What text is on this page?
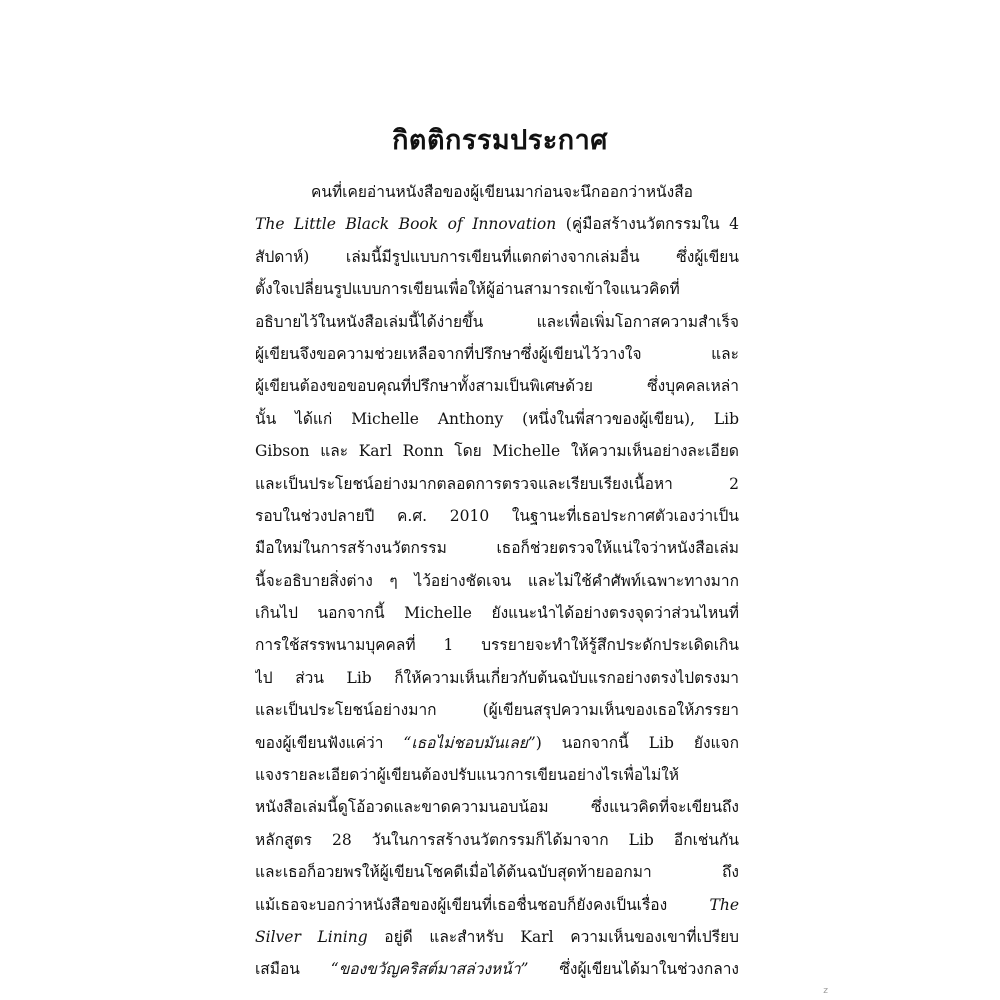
กิตติกรรมประกาศ
คนที่เคยอ่านหนังสือของผู้เขียนมาก่อนจะนึกออกว่าหนังสือ
The Little Black Book of Innovation (คู่มือสร้างนวัตกรรมใน 4
สัปดาห์) เล่มนี้มีรูปแบบการเขียนที่แตกต่างจากเล่มอื่น ซึ่งผู้เขียน
ตั้งใจเปลี่ยนรูปแบบการเขียนเพื่อให้ผู้อ่านสามารถเข้าใจแนวคิดที่
อธิบายไว้ในหนังสือเล่มนี้ได้ง่ายขึ้น และเพื่อเพิ่มโอกาสความสำเร็จ
ผู้เขียนจึงขอความช่วยเหลือจากที่ปรึกษาซึ่งผู้เขียนไว้วางใจ และ
ผู้เขียนต้องขอขอบคุณที่ปรึกษาทั้งสามเป็นพิเศษด้วย ซึ่งบุคคลเหล่า
นั้น ได้แก่ Michelle Anthony (หนึ่งในพี่สาวของผู้เขียน), Lib
Gibson และ Karl Ronn โดย Michelle ให้ความเห็นอย่างละเอียด
และเป็นประโยชน์อย่างมากตลอดการตรวจและเรียบเรียงเนื้อหา 2
รอบในช่วงปลายปี ค.ศ. 2010 ในฐานะที่เธอประกาศตัวเองว่าเป็น
มือใหม่ในการสร้างนวัตกรรม เธอก็ช่วยตรวจให้แน่ใจว่าหนังสือเล่ม
นี้จะอธิบายสิ่งต่าง ๆ ไว้อย่างชัดเจน และไม่ใช้คำศัพท์เฉพาะทางมาก
เกินไป นอกจากนี้ Michelle ยังแนะนำได้อย่างตรงจุดว่าส่วนไหนที่
การใช้สรรพนามบุคคลที่ 1 บรรยายจะทำให้รู้สึกประดักประเดิดเกิน
ไป ส่วน Lib ก็ให้ความเห็นเกี่ยวกับต้นฉบับแรกอย่างตรงไปตรงมา
และเป็นประโยชน์อย่างมาก (ผู้เขียนสรุปความเห็นของเธอให้ภรรยา
ของผู้เขียนฟังแค่ว่า “เธอไม่ชอบมันเลย”) นอกจากนี้ Lib ยังแจก
แจงรายละเอียดว่าผู้เขียนต้องปรับแนวการเขียนอย่างไรเพื่อไม่ให้
หนังสือเล่มนี้ดูโอ้อวดและขาดความนอบน้อม ซึ่งแนวคิดที่จะเขียนถึง
หลักสูตร 28 วันในการสร้างนวัตกรรมก็ได้มาจาก Lib อีกเช่นกัน
และเธอก็อวยพรให้ผู้เขียนโชคดีเมื่อได้ต้นฉบับสุดท้ายออกมา ถึง
แม้เธอจะบอกว่าหนังสือของผู้เขียนที่เธอชื่นชอบก็ยังคงเป็นเรื่อง The
Silver Lining อยู่ดี และสำหรับ Karl ความเห็นของเขาที่เปรียบ
เสมือน “ของขวัญคริสต์มาสล่วงหน้า” ซึ่งผู้เขียนได้มาในช่วงกลาง
z
